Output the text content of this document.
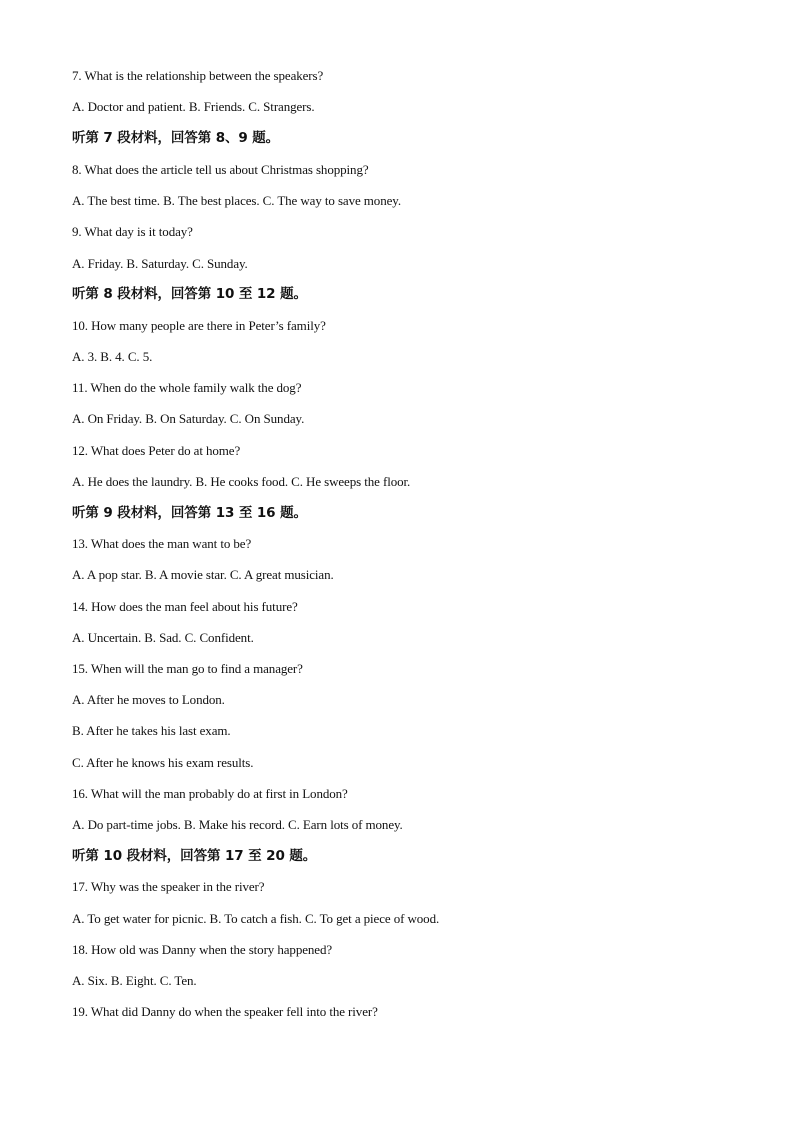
7. What is the relationship between the speakers?
A. Doctor and patient. B. Friends. C. Strangers.
听第 7 段材料，回答第 8、9 题。
8. What does the article tell us about Christmas shopping?
A. The best time. B. The best places. C. The way to save money.
9. What day is it today?
A. Friday. B. Saturday. C. Sunday.
听第 8 段材料，回答第 10 至 12 题。
10. How many people are there in Peter’s family?
A. 3. B. 4. C. 5.
11. When do the whole family walk the dog?
A. On Friday. B. On Saturday. C. On Sunday.
12. What does Peter do at home?
A. He does the laundry. B. He cooks food. C. He sweeps the floor.
听第 9 段材料，回答第 13 至 16 题。
13. What does the man want to be?
A. A pop star. B. A movie star. C. A great musician.
14. How does the man feel about his future?
A. Uncertain. B. Sad. C. Confident.
15. When will the man go to find a manager?
A. After he moves to London.
B. After he takes his last exam.
C. After he knows his exam results.
16. What will the man probably do at first in London?
A. Do part-time jobs. B. Make his record. C. Earn lots of money.
听第 10 段材料，回答第 17 至 20 题。
17. Why was the speaker in the river?
A. To get water for picnic. B. To catch a fish. C. To get a piece of wood.
18. How old was Danny when the story happened?
A. Six. B. Eight. C. Ten.
19. What did Danny do when the speaker fell into the river?
